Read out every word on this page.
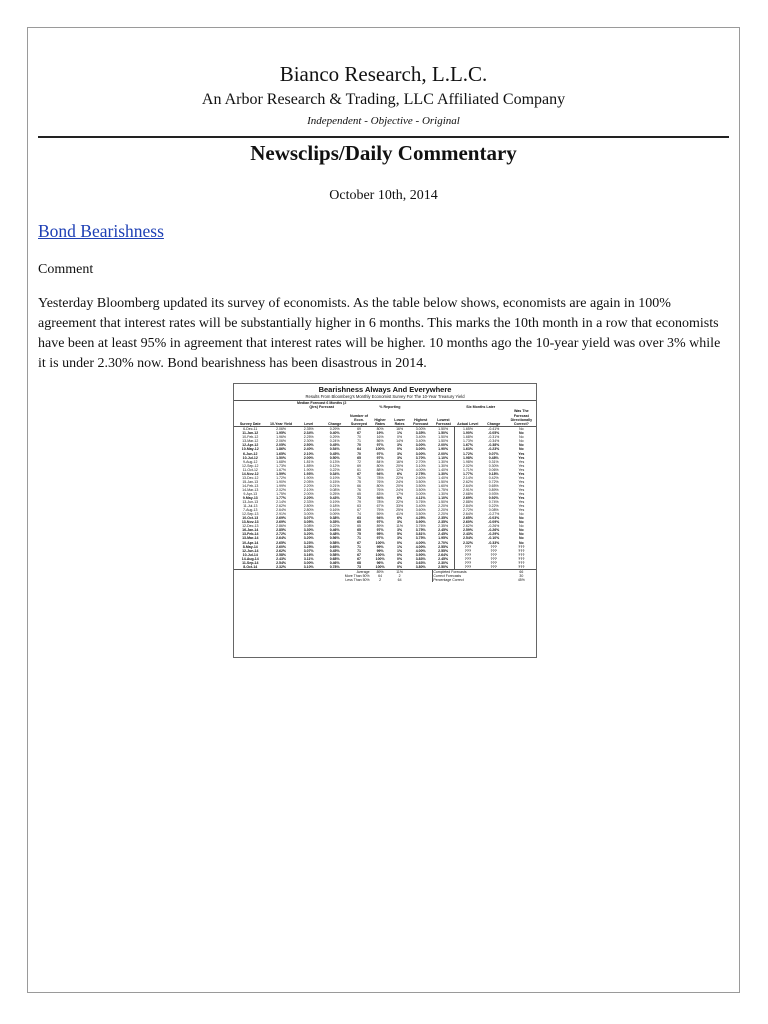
Bianco Research, L.L.C.
An Arbor Research & Trading, LLC Affiliated Company
Independent - Objective - Original
Newsclips/Daily Commentary
October 10th, 2014
Bond Bearishness
Comment
Yesterday Bloomberg updated its survey of economists. As the table below shows, economists are again in 100% agreement that interest rates will be substantially higher in 6 months. This marks the 10th month in a row that economists have been at least 95% in agreement that interest rates will be higher. 10 months ago the 10-year yield was over 3% while it is under 2.30% now. Bond bearishness has been disastrous in 2014.
Bearishness Always And Everywhere
Results From Bloomberg's Monthly Economist Survey For The 10-Year Treasury Yield
		Median Forecast 6 Months (2 Qtrs) Forecast			% Reporting				Six Months Later		
Survey Date	10-Year Yield	Level	Change	Number of Econ. Surveyed	Higher Rates	Lower Rates	Highest Forecast	Lowest Forecast	Actual Level	Change	Was The Forecast Directionally Correct?
6-Dec-11	2.06%	2.35%	0.29%	69	80%	16%	3.00%	1.50%	1.65%	-0.41%	No
11-Jan-12	1.95%	2.34%	0.40%	67	19%	1%	3.35%	1.50%	1.90%	-0.05%	No
10-Feb-12	1.96%	2.25%	0.29%	70	16%	0%	3.40%	1.50%	1.68%	-0.31%	No
13-Mar-12	2.06%	2.30%	0.24%	71	86%	14%	3.40%	1.50%	1.73%	-0.34%	No
12-Apr-12	2.05%	2.50%	0.45%	70	97%	3%	3.00%	2.00%	1.67%	-0.38%	No
10-May-12	1.86%	2.40%	0.54%	64	100%	0%	3.00%	1.90%	1.63%	-0.23%	No
6-Jun-12	1.65%	2.10%	0.45%	70	97%	3%	3.00%	2.00%	1.72%	0.07%	Yes
10-Jul-12	1.50%	2.00%	0.50%	65	97%	3%	3.70%	1.10%	1.98%	0.48%	Yes
9-Aug-12	1.68%	1.81%	0.13%	72	84%	16%	2.70%	1.30%	1.98%	0.31%	Yes
12-Sep-12	1.73%	1.85%	0.12%	69	80%	20%	3.10%	1.30%	2.02%	0.30%	Yes
11-Oct-12	1.67%	1.90%	0.22%	61	88%	12%	4.00%	1.40%	1.71%	0.06%	Yes
14-Nov-12	1.59%	1.93%	0.34%	67	94%	6%	2.75%	1.30%	1.77%	0.18%	Yes
13-Dec-12	1.72%	1.90%	0.19%	76	78%	22%	2.60%	1.40%	2.14%	0.42%	Yes
15-Jan-13	1.90%	2.05%	0.15%	75	76%	24%	3.50%	1.50%	2.62%	0.72%	Yes
14-Feb-13	1.99%	2.20%	0.21%	66	80%	20%	3.50%	1.60%	2.64%	0.65%	Yes
14-Mar-13	2.02%	2.10%	0.08%	76	76%	24%	3.50%	1.75%	2.91%	0.89%	Yes
9-Apr-13	1.75%	2.00%	0.25%	65	83%	17%	3.00%	1.30%	2.68%	0.93%	Yes
9-May-13	1.77%	2.20%	0.43%	73	94%	6%	4.11%	1.10%	2.69%	0.92%	Yes
13-Jun-13	2.14%	2.33%	0.19%	79	78%	22%	3.76%	1.50%	2.88%	0.74%	Yes
11-Jul-13	2.62%	2.80%	0.18%	63	67%	33%	3.40%	2.20%	2.84%	0.22%	Yes
7-Aug-13	2.64%	2.80%	0.16%	67	75%	25%	3.60%	2.20%	2.72%	0.08%	Yes
12-Sep-13	2.91%	3.00%	0.09%	74	59%	41%	3.50%	2.20%	2.64%	-0.27%	No
10-Oct-13	2.69%	3.07%	0.38%	63	94%	6%	4.25%	2.35%	2.65%	-0.03%	No
13-Nov-13	2.69%	3.05%	0.35%	65	97%	3%	3.90%	2.35%	2.60%	-0.09%	No
12-Dec-13	2.86%	3.08%	0.22%	65	89%	11%	3.76%	2.35%	2.62%	-0.26%	No
16-Jan-14	2.85%	3.30%	0.46%	65	97%	3%	3.75%	2.45%	2.59%	-0.26%	No
13-Feb-14	2.72%	3.20%	0.48%	75	95%	5%	3.81%	2.45%	2.43%	-0.29%	No
13-Mar-14	2.64%	3.20%	0.56%	71	97%	3%	3.75%	1.95%	2.54%	-0.10%	No
10-Apr-14	2.65%	3.23%	0.58%	67	100%	0%	4.00%	2.70%	2.32%	-0.33%	No
8-May-14	2.60%	3.25%	0.65%	71	99%	1%	4.00%	2.55%	???	???	???
12-Jun-14	2.62%	3.07%	0.45%	71	99%	1%	4.00%	2.55%	???	???	???
10-Jul-14	2.58%	3.16%	0.58%	67	100%	0%	3.90%	2.64%	???	???	???
14-Aug-14	2.43%	3.11%	0.68%	67	100%	0%	3.83%	2.45%	???	???	???
11-Sep-14	2.54%	3.00%	0.46%	68	96%	4%	3.63%	2.30%	???	???	???
8-Oct-14	2.32%	3.10%	0.78%	73	100%	0%	3.80%	2.50%	???	???	???
			Average		89%	11%		Completed Forecasts			66
			More Than 50%		64	2		Correct Forecasts			30
			Less Than 50%		2	64		Percentage Correct			45%
